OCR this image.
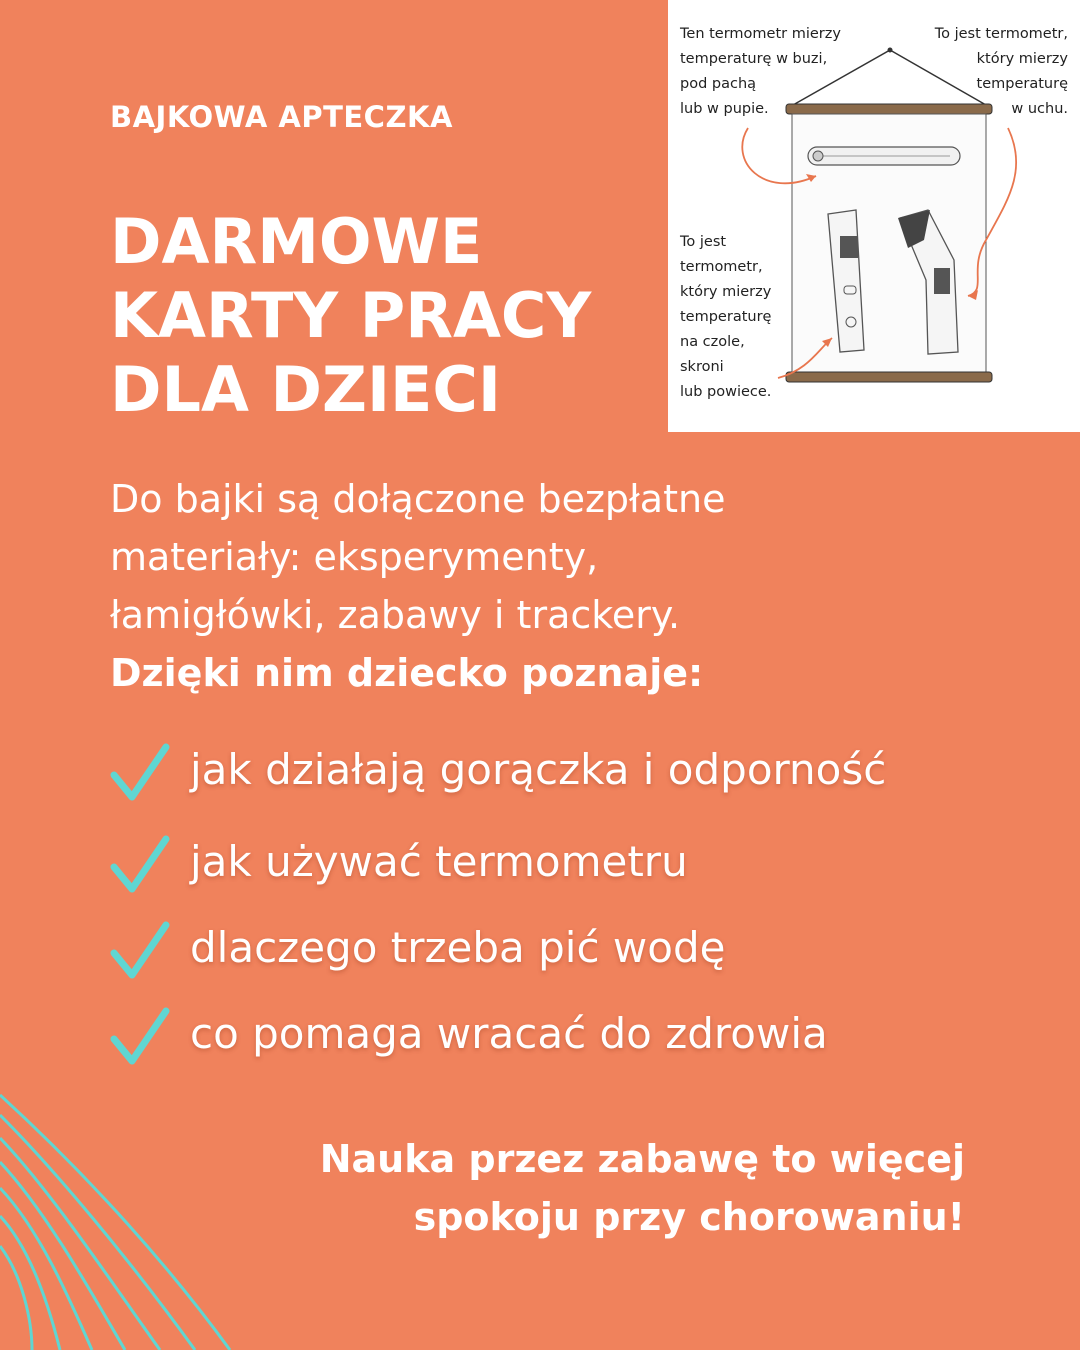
BAJKOWA APTECZKA
DARMOWE
KARTY PRACY
DLA DZIECI
Ten termometr mierzy
temperaturę w buzi,
pod pachą
lub w pupie.
To jest termometr,
który mierzy
temperaturę
w uchu.
To jest
termometr,
który mierzy
temperaturę
na czole,
skroni
lub powiece.
Do bajki są dołączone bezpłatne
materiały: eksperymenty,
łamigłówki, zabawy i trackery.
Dzięki nim dziecko poznaje:
jak działają gorączka i odporność
jak używać termometru
dlaczego trzeba pić wodę
co pomaga wracać do zdrowia
Nauka przez zabawę to więcej
spokoju przy chorowaniu!
